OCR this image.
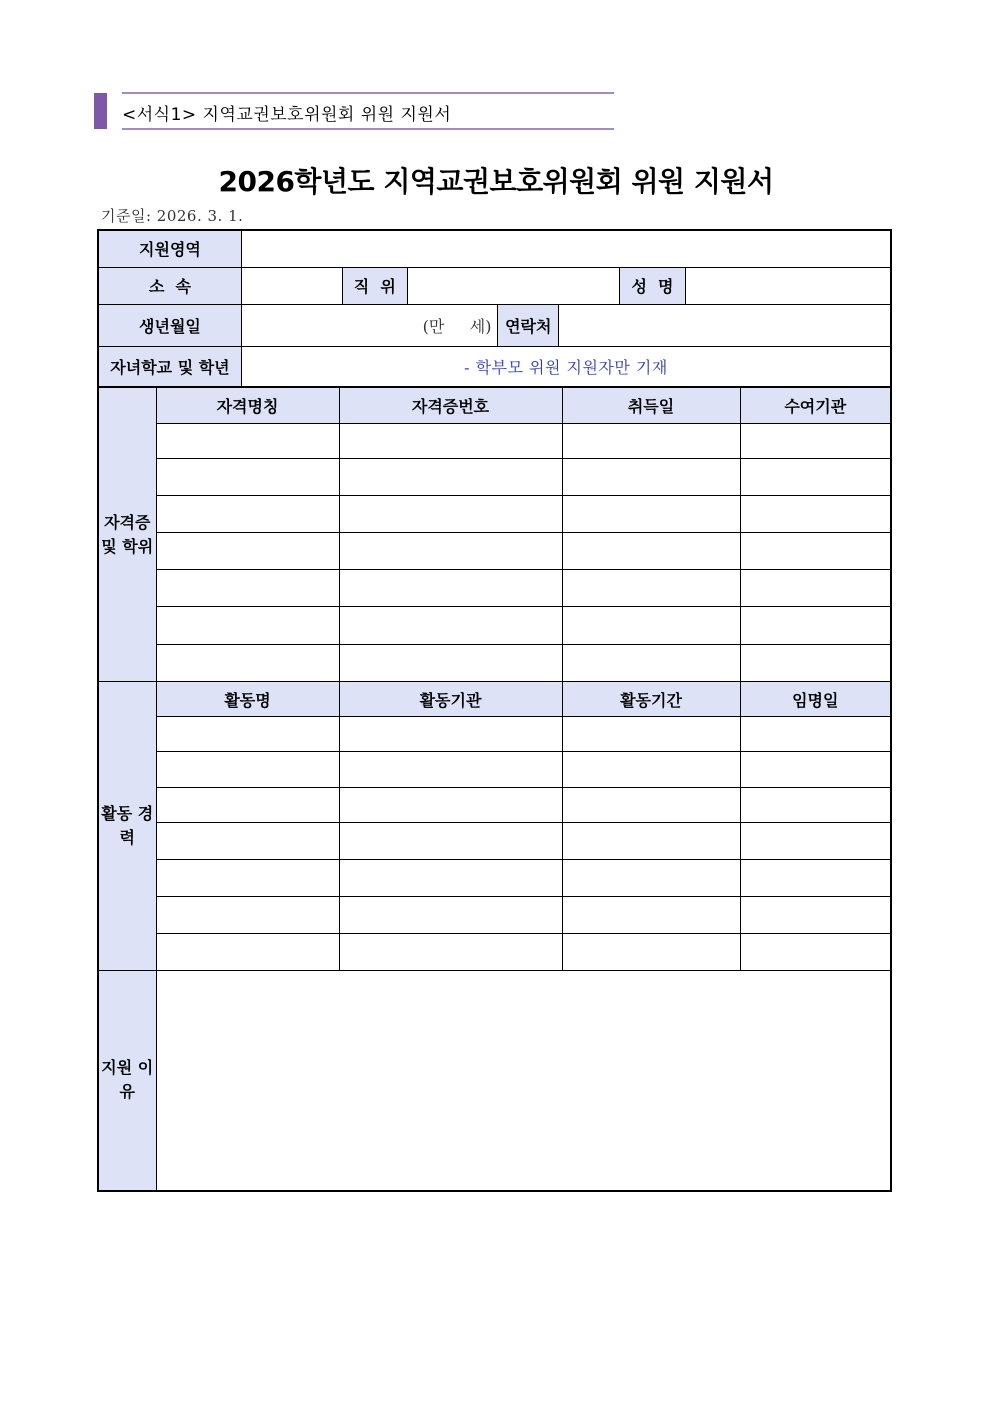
<서식1> 지역교권보호위원회 위원 지원서
2026학년도 지역교권보호위원회 위원 지원서
기준일: 2026. 3. 1.
지원영역							
소  속		직  위				성  명	
생년월일	(만     세)			연락처			
자녀학교 및 학년	- 학부모 위원 지원자만 기재						
자격증 및 학위	자격명칭	자격증번호	취득일	수여기관

활동 경력	활동명	활동기관	활동기간	임명일

지원 이유				
